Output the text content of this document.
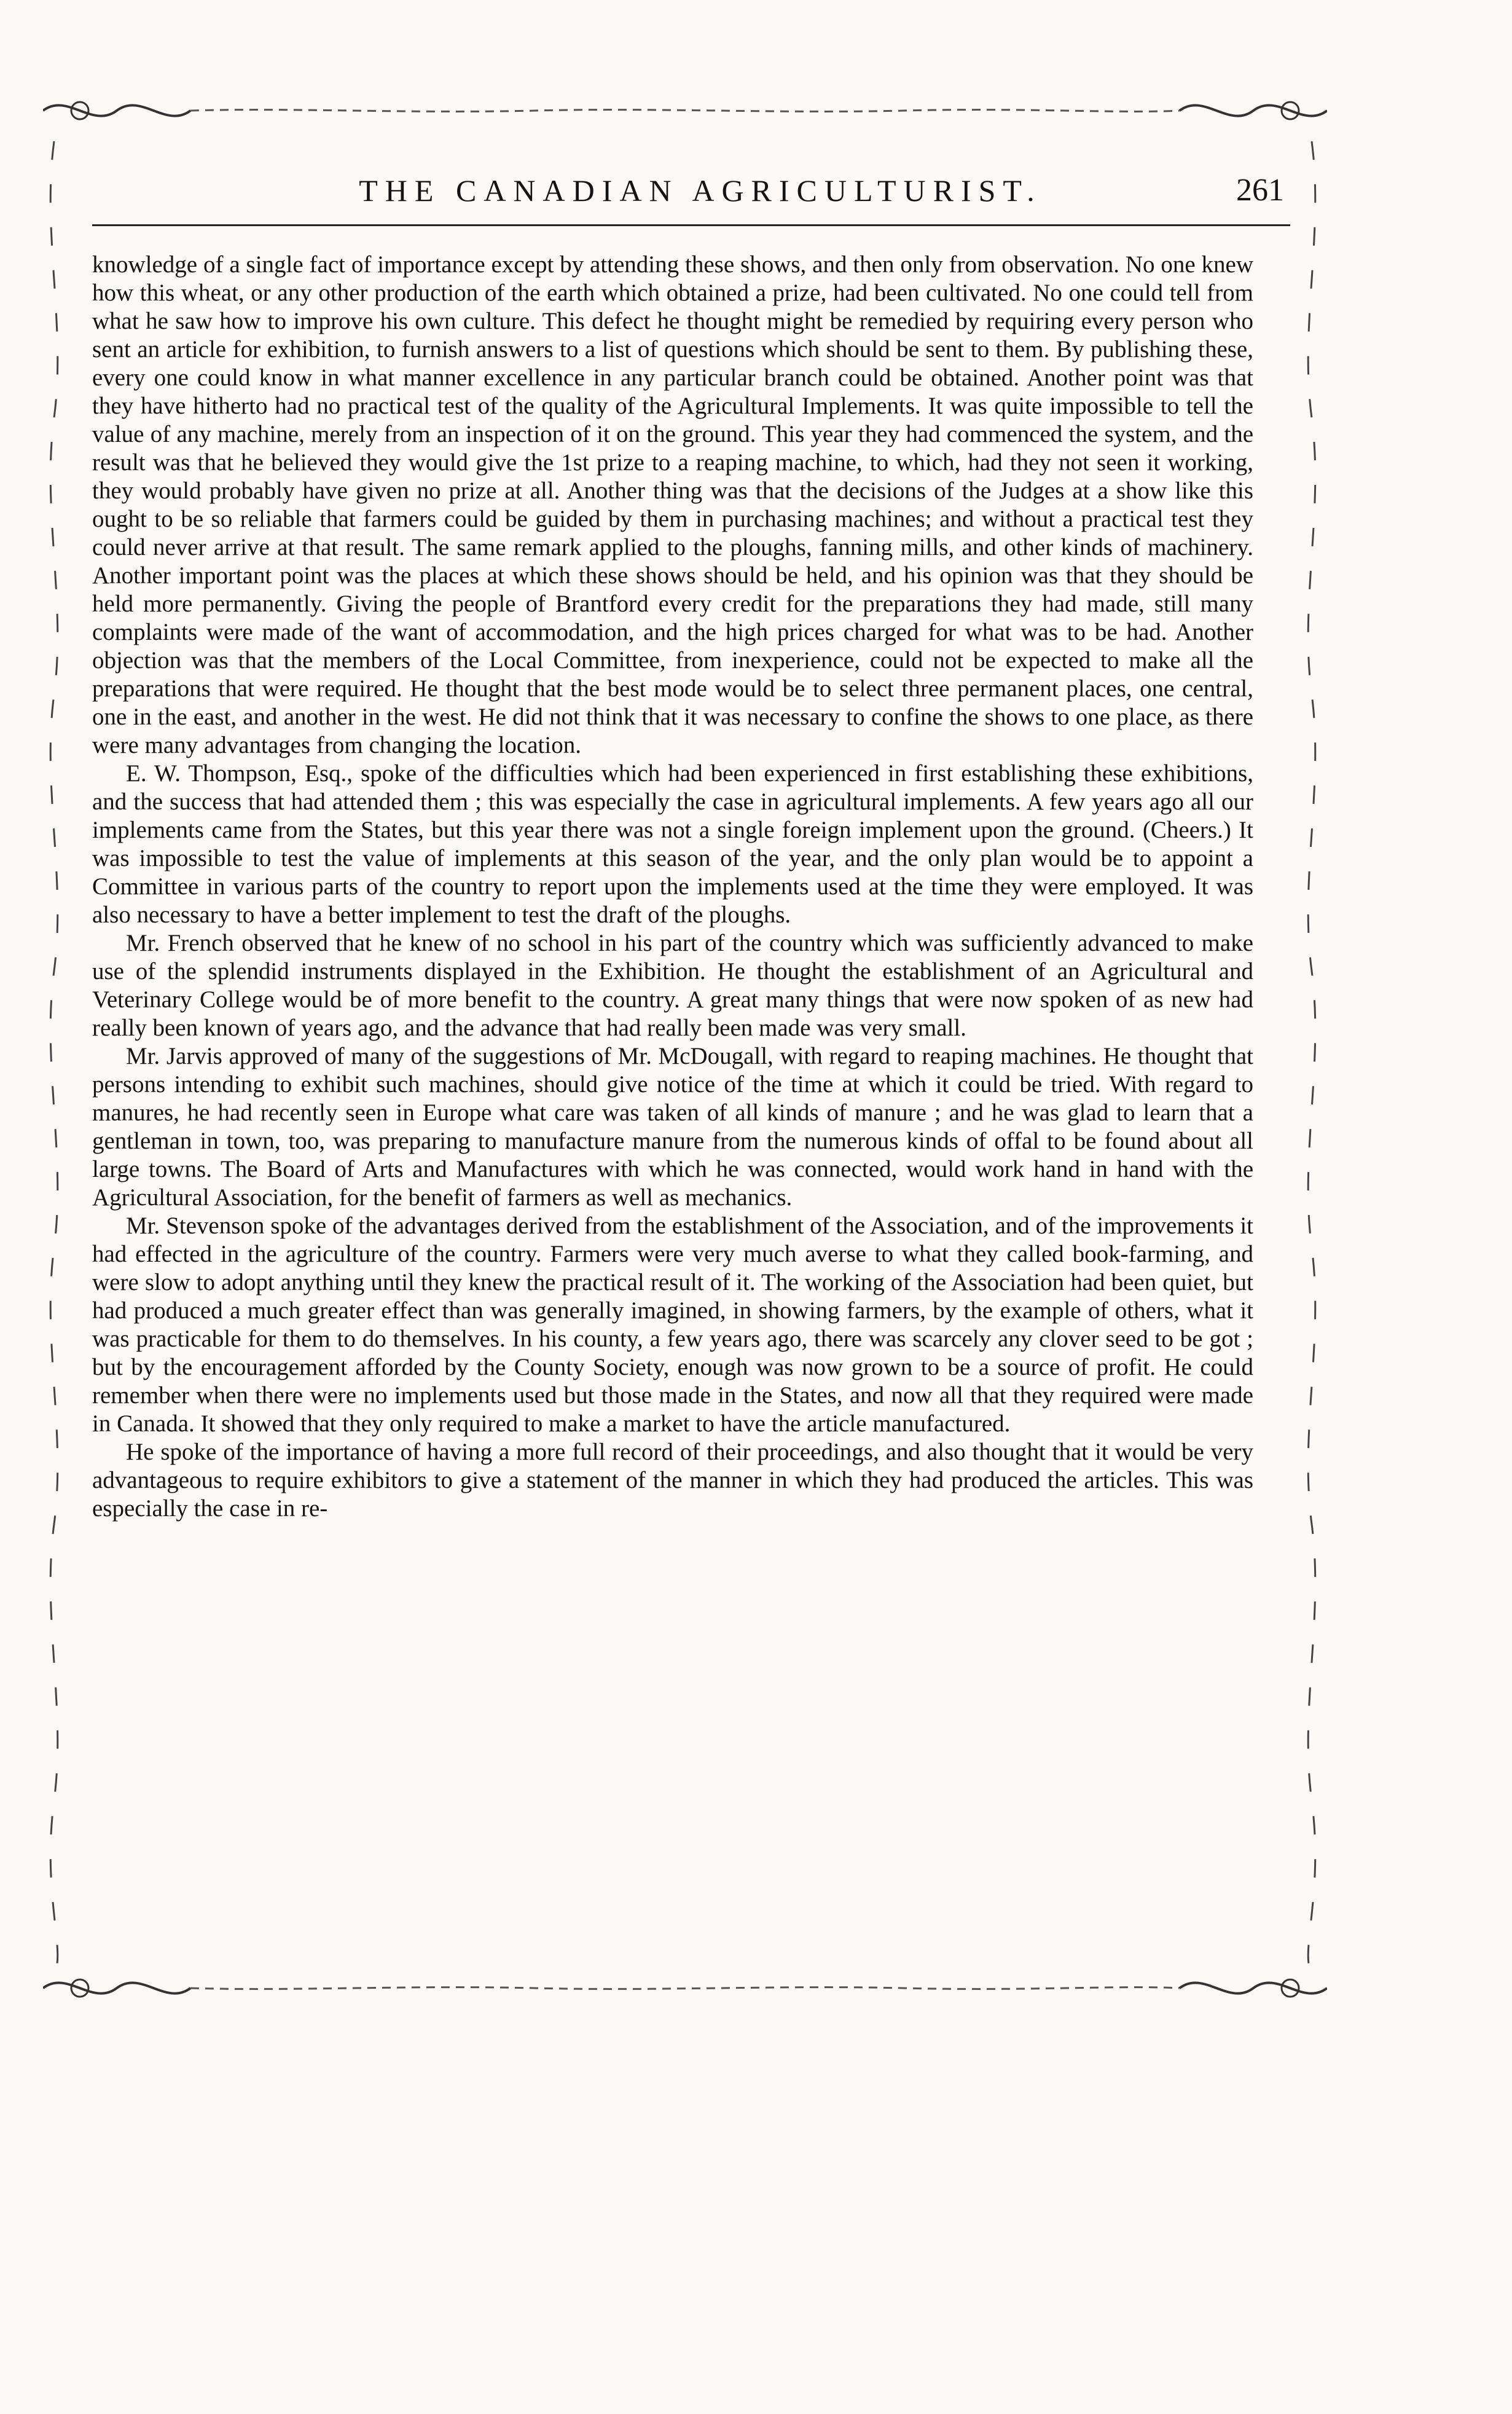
THE CANADIAN AGRICULTURIST.	261

knowledge of a single fact of importance except by attending these shows, and then only from observation. No one knew how this wheat, or any other production of the earth which obtained a prize, had been cultivated. No one could tell from what he saw how to improve his own culture. This defect he thought might be remedied by requiring every person who sent an article for exhibition, to furnish answers to a list of questions which should be sent to them. By publishing these, every one could know in what manner excellence in any particular branch could be obtained. Another point was that they have hitherto had no practical test of the quality of the Agricultural Implements. It was quite impossible to tell the value of any machine, merely from an inspection of it on the ground. This year they had commenced the system, and the result was that he believed they would give the 1st prize to a reaping machine, to which, had they not seen it working, they would probably have given no prize at all. Another thing was that the decisions of the Judges at a show like this ought to be so reliable that farmers could be guided by them in purchasing machines; and without a practical test they could never arrive at that result. The same remark applied to the ploughs, fanning mills, and other kinds of machinery. Another important point was the places at which these shows should be held, and his opinion was that they should be held more permanently. Giving the people of Brantford every credit for the preparations they had made, still many complaints were made of the want of accommodation, and the high prices charged for what was to be had. Another objection was that the members of the Local Committee, from inexperience, could not be expected to make all the preparations that were required. He thought that the best mode would be to select three permanent places, one central, one in the east, and another in the west. He did not think that it was necessary to confine the shows to one place, as there were many advantages from changing the location.

E. W. Thompson, Esq., spoke of the difficulties which had been experienced in first establishing these exhibitions, and the success that had attended them ; this was especially the case in agricultural implements. A few years ago all our implements came from the States, but this year there was not a single foreign implement upon the ground. (Cheers.) It was impossible to test the value of implements at this season of the year, and the only plan would be to appoint a Committee in various parts of the country to report upon the implements used at the time they were employed. It was also necessary to have a better implement to test the draft of the ploughs.

Mr. French observed that he knew of no school in his part of the country which was sufficiently advanced to make use of the splendid instruments displayed in the Exhibition. He thought the establishment of an Agricultural and Veterinary College would be of more benefit to the country. A great many things that were now spoken of as new had really been known of years ago, and the advance that had really been made was very small.

Mr. Jarvis approved of many of the suggestions of Mr. McDougall, with regard to reaping machines. He thought that persons intending to exhibit such machines, should give notice of the time at which it could be tried. With regard to manures, he had recently seen in Europe what care was taken of all kinds of manure ; and he was glad to learn that a gentleman in town, too, was preparing to manufacture manure from the numerous kinds of offal to be found about all large towns. The Board of Arts and Manufactures with which he was connected, would work hand in hand with the Agricultural Association, for the benefit of farmers as well as mechanics.

Mr. Stevenson spoke of the advantages derived from the establishment of the Association, and of the improvements it had effected in the agriculture of the country. Farmers were very much averse to what they called book-farming, and were slow to adopt anything until they knew the practical result of it. The working of the Association had been quiet, but had produced a much greater effect than was generally imagined, in showing farmers, by the example of others, what it was practicable for them to do themselves. In his county, a few years ago, there was scarcely any clover seed to be got ; but by the encouragement afforded by the County Society, enough was now grown to be a source of profit. He could remember when there were no implements used but those made in the States, and now all that they required were made in Canada. It showed that they only required to make a market to have the article manufactured.

He spoke of the importance of having a more full record of their proceedings, and also thought that it would be very advantageous to require exhibitors to give a statement of the manner in which they had produced the articles. This was especially the case in re-
